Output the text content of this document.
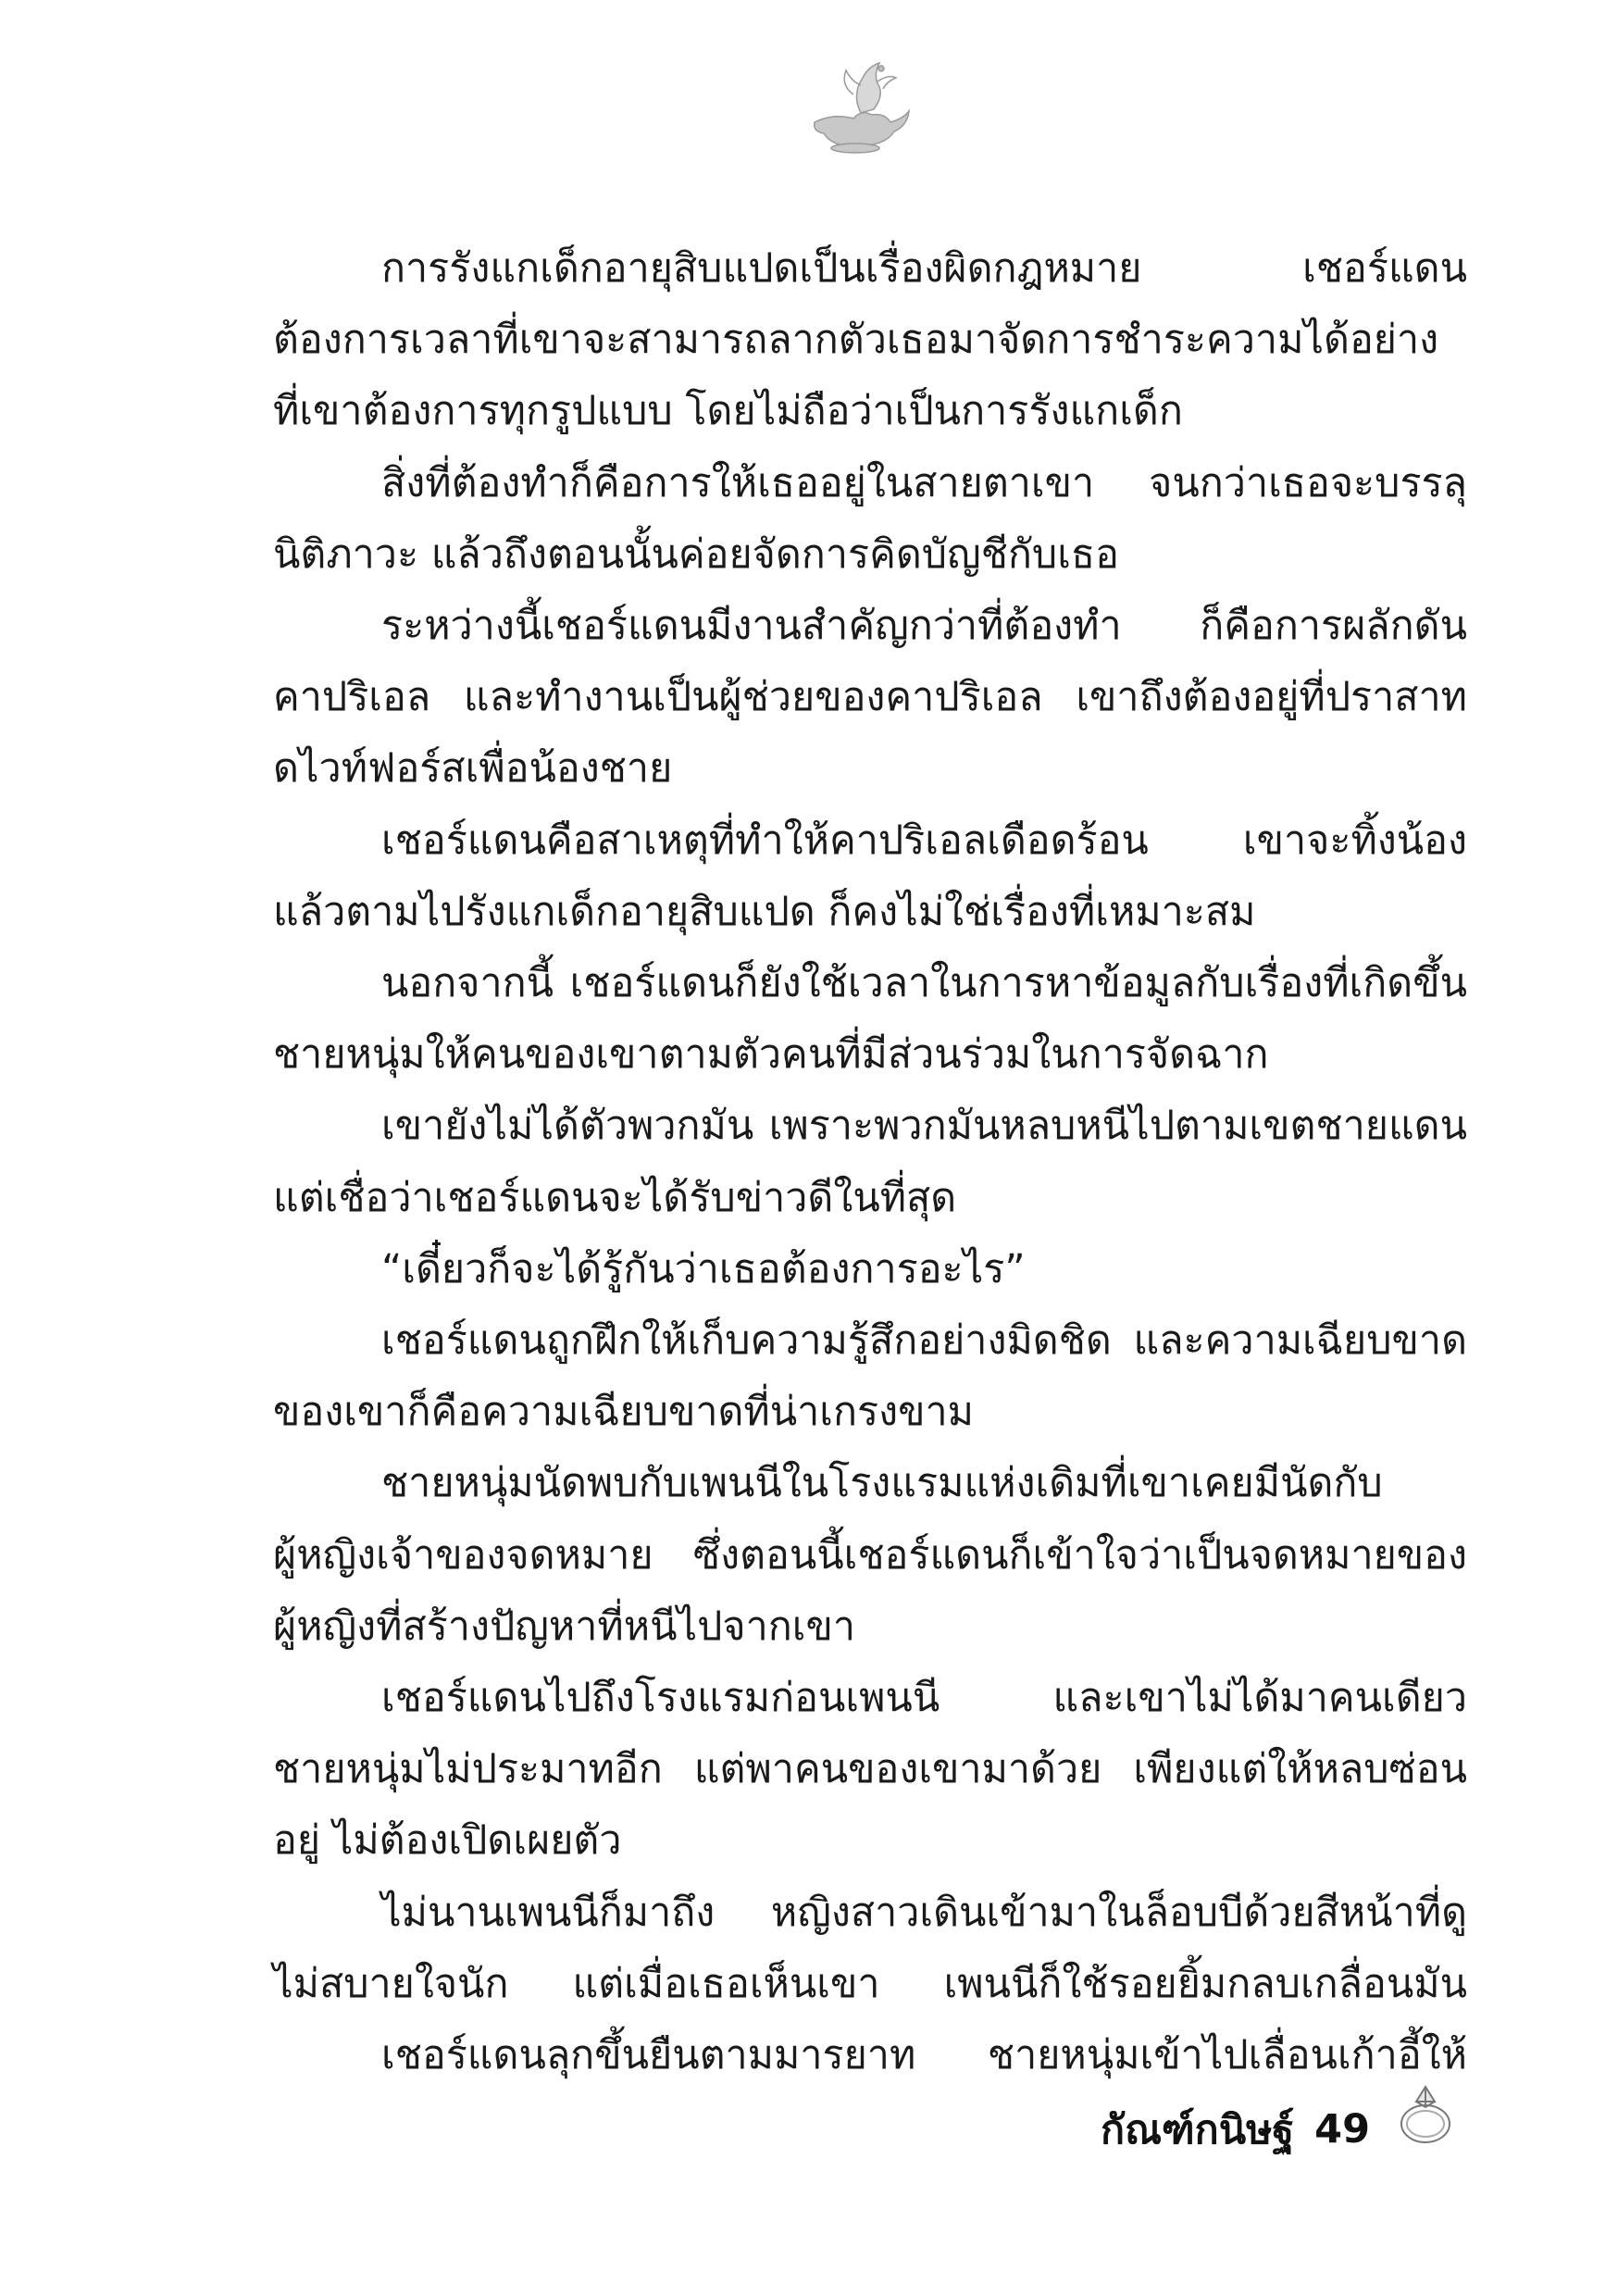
การรังแกเด็กอายุสิบแปดเป็นเรื่องผิดกฎหมาย เชอร์แดน
ต้องการเวลาที่เขาจะสามารถลากตัวเธอมาจัดการชำระความได้อย่าง
ที่เขาต้องการทุกรูปแบบ โดยไม่ถือว่าเป็นการรังแกเด็ก
สิ่งที่ต้องทำก็คือการให้เธออยู่ในสายตาเขา จนกว่าเธอจะบรรลุ
นิติภาวะ แล้วถึงตอนนั้นค่อยจัดการคิดบัญชีกับเธอ
ระหว่างนี้เชอร์แดนมีงานสำคัญกว่าที่ต้องทำ ก็คือการผลักดัน
คาปริเอล และทำงานเป็นผู้ช่วยของคาปริเอล เขาถึงต้องอยู่ที่ปราสาท
ดไวท์ฟอร์สเพื่อน้องชาย
เชอร์แดนคือสาเหตุที่ทำให้คาปริเอลเดือดร้อน เขาจะทิ้งน้อง
แล้วตามไปรังแกเด็กอายุสิบแปด ก็คงไม่ใช่เรื่องที่เหมาะสม
นอกจากนี้ เชอร์แดนก็ยังใช้เวลาในการหาข้อมูลกับเรื่องที่เกิดขึ้น
ชายหนุ่มให้คนของเขาตามตัวคนที่มีส่วนร่วมในการจัดฉาก
เขายังไม่ได้ตัวพวกมัน เพราะพวกมันหลบหนีไปตามเขตชายแดน
แต่เชื่อว่าเชอร์แดนจะได้รับข่าวดีในที่สุด
“เดี๋ยวก็จะได้รู้กันว่าเธอต้องการอะไร”
เชอร์แดนถูกฝึกให้เก็บความรู้สึกอย่างมิดชิด และความเฉียบขาด
ของเขาก็คือความเฉียบขาดที่น่าเกรงขาม
ชายหนุ่มนัดพบกับเพนนีในโรงแรมแห่งเดิมที่เขาเคยมีนัดกับ
ผู้หญิงเจ้าของจดหมาย ซึ่งตอนนี้เชอร์แดนก็เข้าใจว่าเป็นจดหมายของ
ผู้หญิงที่สร้างปัญหาที่หนีไปจากเขา
เชอร์แดนไปถึงโรงแรมก่อนเพนนี และเขาไม่ได้มาคนเดียว
ชายหนุ่มไม่ประมาทอีก แต่พาคนของเขามาด้วย เพียงแต่ให้หลบซ่อน
อยู่ ไม่ต้องเปิดเผยตัว
ไม่นานเพนนีก็มาถึง หญิงสาวเดินเข้ามาในล็อบบีด้วยสีหน้าที่ดู
ไม่สบายใจนัก แต่เมื่อเธอเห็นเขา เพนนีก็ใช้รอยยิ้มกลบเกลื่อนมัน
เชอร์แดนลุกขึ้นยืนตามมารยาท ชายหนุ่มเข้าไปเลื่อนเก้าอี้ให้
กัณฑ์กนิษฐ์ 49
